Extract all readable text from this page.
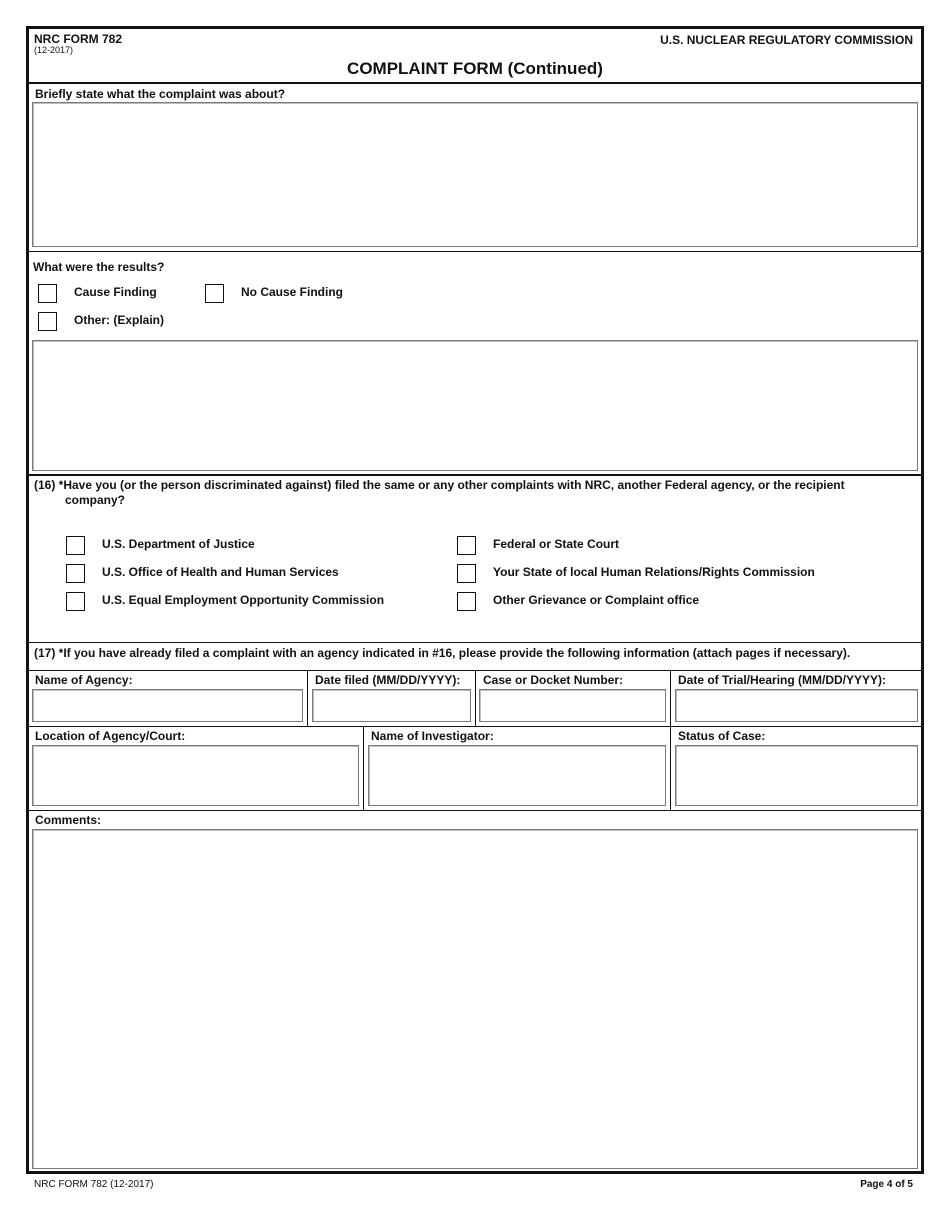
NRC FORM 782
(12-2017)
U.S. NUCLEAR REGULATORY COMMISSION
COMPLAINT FORM (Continued)
Briefly state what the complaint was about?
What were the results?
Cause Finding	No Cause Finding
Other: (Explain)
(16) *Have you (or the person discriminated against) filed the same or any other complaints with NRC, another Federal agency, or the recipient
company?
U.S. Department of Justice
U.S. Office of Health and Human Services
U.S. Equal Employment Opportunity Commission
Federal or State Court
Your State of local Human Relations/Rights Commission
Other Grievance or Complaint office
(17) *If you have already filed a complaint with an agency indicated in #16, please provide the following information (attach pages if necessary).
Name of Agency:	Date filed (MM/DD/YYYY): Case or Docket Number:	Date of Trial/Hearing (MM/DD/YYYY):
Location of Agency/Court:	Name of Investigator:	Status of Case:
Comments:
NRC FORM 782 (12-2017)	Page 4 of 5
